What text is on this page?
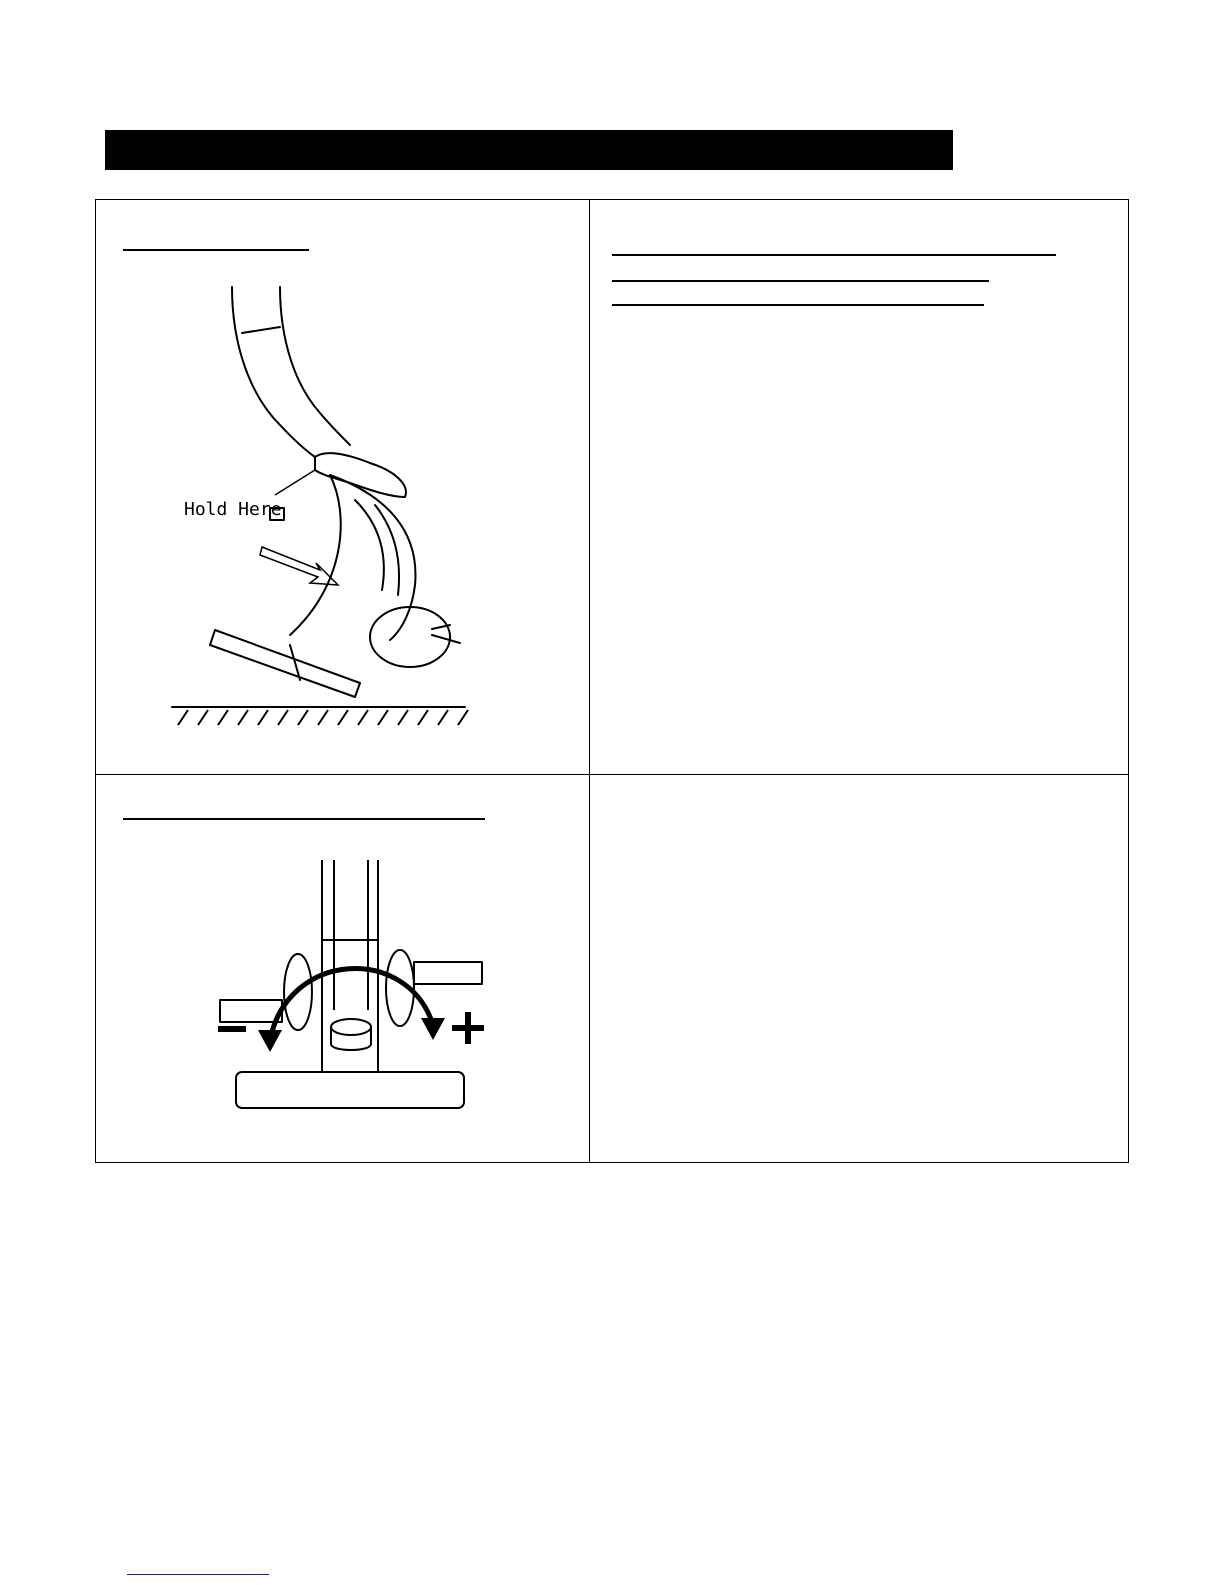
Hold Here
